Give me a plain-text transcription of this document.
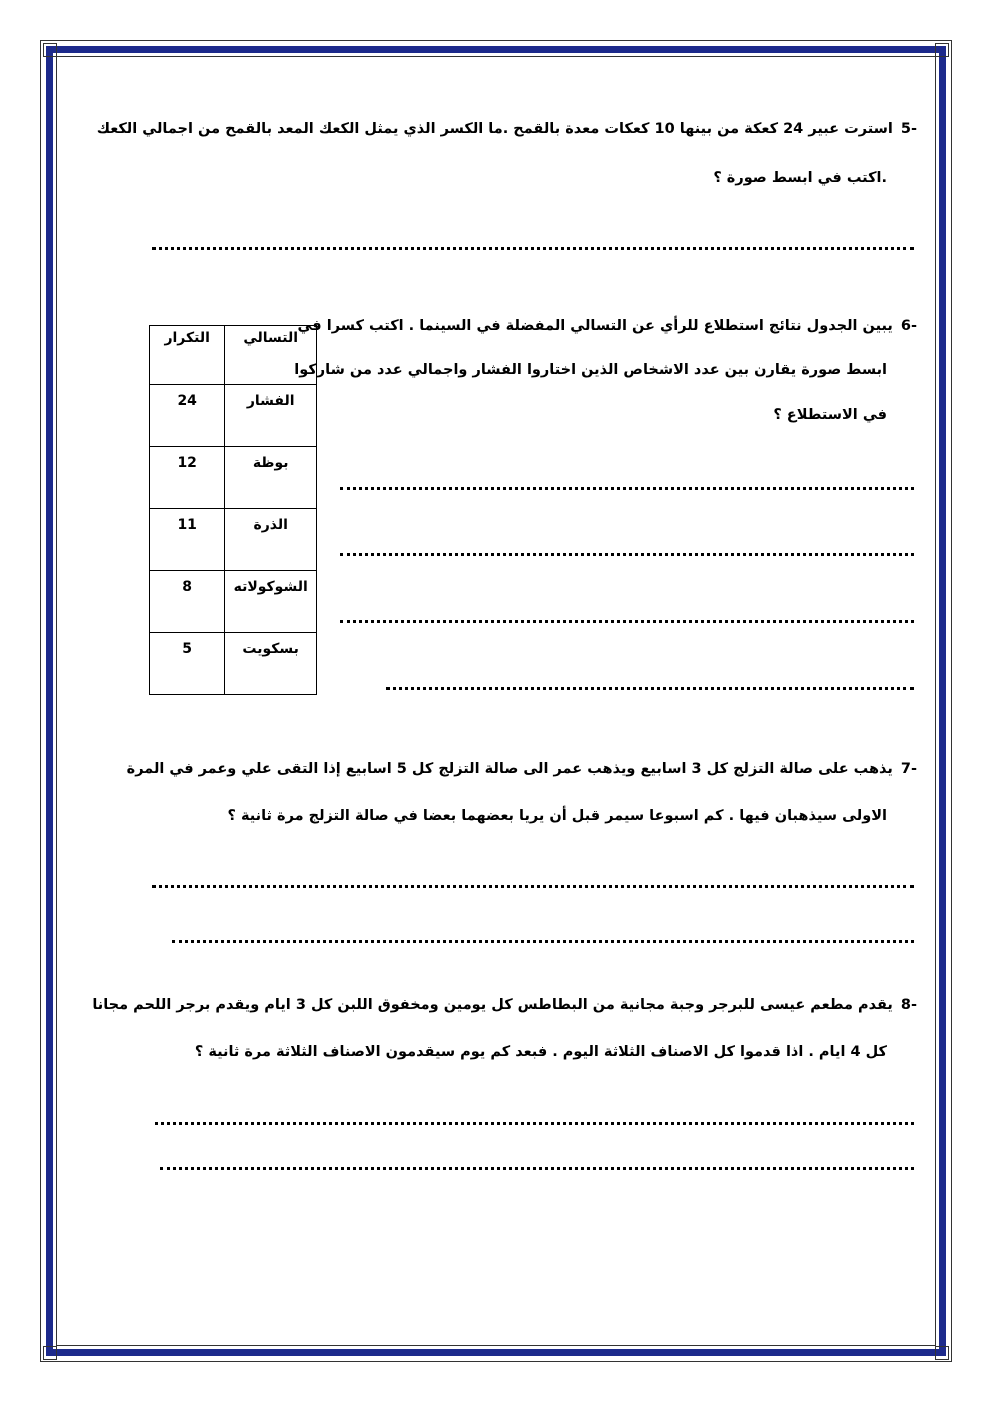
-5استرت عبير 24 كعكة من بينها 10 كعكات معدة بالقمح .ما الكسر الذي يمثل الكعك المعد بالقمح من اجمالي الكعك
.اكتب في ابسط صورة ؟
-6يبين الجدول نتائج استطلاع للرأي عن التسالي المفضلة في السينما . اكتب كسرا في
ابسط صورة يقارن بين عدد الاشخاص الذين اختاروا الفشار واجمالي عدد من شاركوا
في الاستطلاع ؟
التسالي	التكرار
الفشار	24
بوظة	12
الذرة	11
الشوكولاته	8
بسكويت	5
-7يذهب على صالة التزلج كل 3 اسابيع ويذهب عمر الى صالة التزلج كل 5 اسابيع إذا التقى علي وعمر في المرة
الاولى سيذهبان فيها . كم اسبوعا سيمر قبل أن يريا بعضهما بعضا في صالة التزلج مرة ثانية ؟
-8يقدم مطعم عيسى للبرجر وجبة مجانية من البطاطس كل يومين ومخفوق اللبن كل 3 ايام ويقدم برجر اللحم مجانا
كل 4 ايام . اذا قدموا كل الاصناف الثلاثة اليوم . فبعد كم يوم سيقدمون الاصناف الثلاثة مرة ثانية ؟
